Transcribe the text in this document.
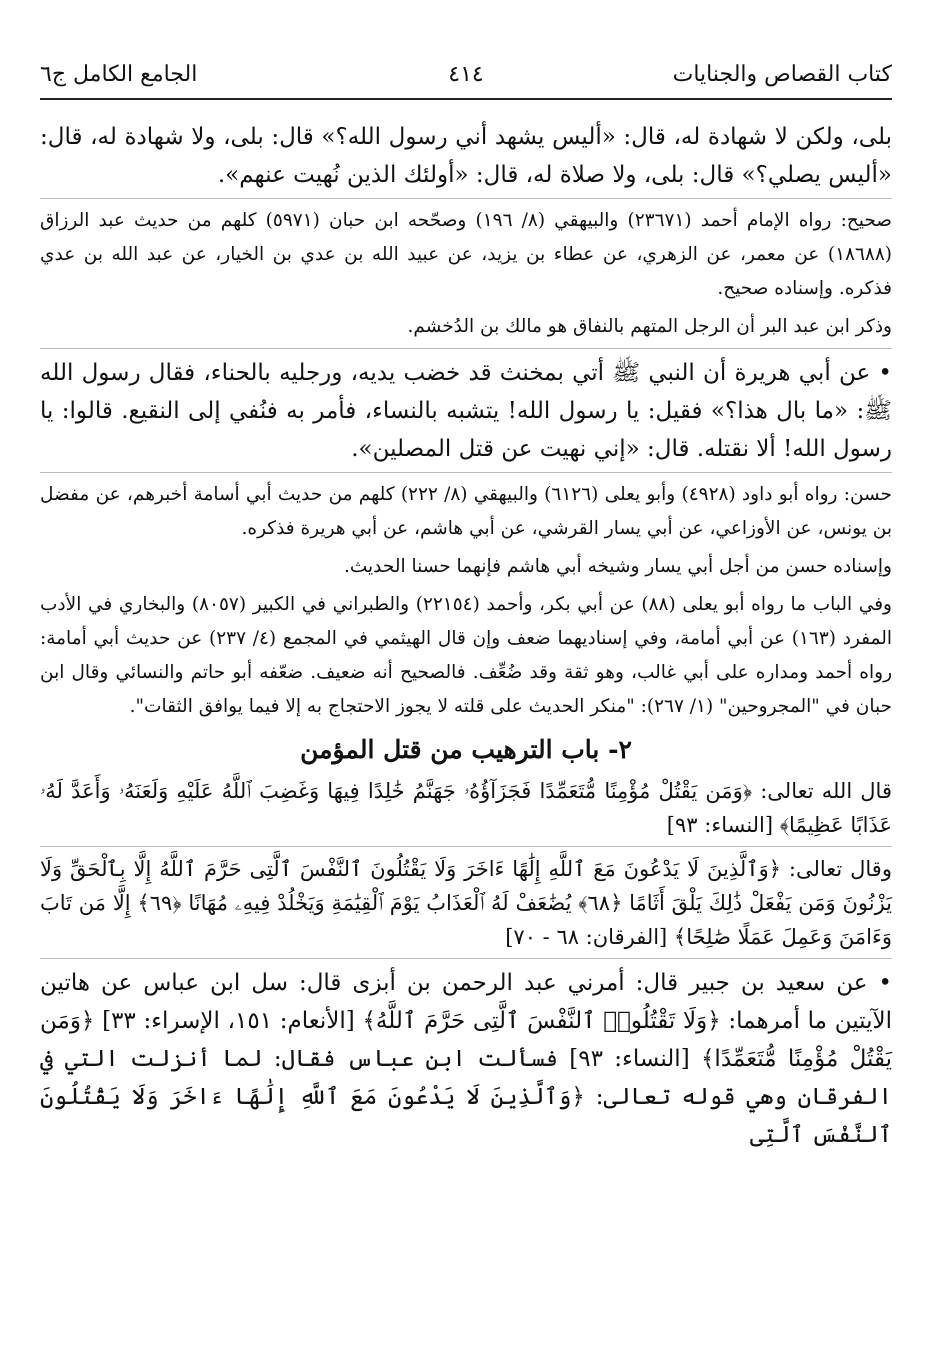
كتاب القصاص والجنايات
٤١٤
الجامع الكامل ج٦

بلى، ولكن لا شهادة له، قال: «أليس يشهد أني رسول الله؟» قال: بلى، ولا شهادة له، قال: «أليس يصلي؟» قال: بلى، ولا صلاة له، قال: «أولئك الذين نُهيت عنهم».

صحيح: رواه الإمام أحمد (٢٣٦٧١) والبيهقي (٨/ ١٩٦) وصحّحه ابن حبان (٥٩٧١) كلهم من حديث عبد الرزاق (١٨٦٨٨) عن معمر، عن الزهري، عن عطاء بن يزيد، عن عبيد الله بن عدي بن الخيار، عن عبد الله بن عدي فذكره. وإسناده صحيح.

وذكر ابن عبد البر أن الرجل المتهم بالنفاق هو مالك بن الدُخشم.

• عن أبي هريرة أن النبي ﷺ أتي بمخنث قد خضب يديه، ورجليه بالحناء، فقال رسول الله ﷺ: «ما بال هذا؟» فقيل: يا رسول الله! يتشبه بالنساء، فأمر به فنُفي إلى النقيع. قالوا: يا رسول الله! ألا نقتله. قال: «إني نهيت عن قتل المصلين».

حسن: رواه أبو داود (٤٩٢٨) وأبو يعلى (٦١٢٦) والبيهقي (٨/ ٢٢٢) كلهم من حديث أبي أسامة أخبرهم، عن مفضل بن يونس، عن الأوزاعي، عن أبي يسار القرشي، عن أبي هاشم، عن أبي هريرة فذكره.

وإسناده حسن من أجل أبي يسار وشيخه أبي هاشم فإنهما حسنا الحديث.

وفي الباب ما رواه أبو يعلى (٨٨) عن أبي بكر، وأحمد (٢٢١٥٤) والطبراني في الكبير (٨٠٥٧) والبخاري في الأدب المفرد (١٦٣) عن أبي أمامة، وفي إسناديهما ضعف وإن قال الهيثمي في المجمع (٤/ ٢٣٧) عن حديث أبي أمامة: رواه أحمد ومداره على أبي غالب، وهو ثقة وقد ضُعِّف. فالصحيح أنه ضعيف. ضعّفه أبو حاتم والنسائي وقال ابن حبان في "المجروحين" (١/ ٢٦٧): "منكر الحديث على قلته لا يجوز الاحتجاج به إلا فيما يوافق الثقات".

٢- باب الترهيب من قتل المؤمن

قال الله تعالى: ﴿وَمَن يَقْتُلْ مُؤْمِنًا مُّتَعَمِّدًا فَجَزَآؤُهُۥ جَهَنَّمُ خَٰلِدًا فِيهَا وَغَضِبَ ٱللَّهُ عَلَيْهِ وَلَعَنَهُۥ وَأَعَدَّ لَهُۥ عَذَابًا عَظِيمًا﴾ [النساء: ٩٣]

وقال تعالى: ﴿وَٱلَّذِينَ لَا يَدْعُونَ مَعَ ٱللَّهِ إِلَٰهًا ءَاخَرَ وَلَا يَقْتُلُونَ ٱلنَّفْسَ ٱلَّتِى حَرَّمَ ٱللَّهُ إِلَّا بِٱلْحَقِّ وَلَا يَزْنُونَ وَمَن يَفْعَلْ ذَٰلِكَ يَلْقَ أَثَامًا ﴿٦٨﴾ يُضَٰعَفْ لَهُ ٱلْعَذَابُ يَوْمَ ٱلْقِيَٰمَةِ وَيَخْلُدْ فِيهِۦ مُهَانًا ﴿٦٩﴾ إِلَّا مَن تَابَ وَءَامَنَ وَعَمِلَ عَمَلًا صَٰلِحًا﴾ [الفرقان: ٦٨ - ٧٠]

• عن سعيد بن جبير قال: أمرني عبد الرحمن بن أبزى قال: سل ابن عباس عن هاتين الآيتين ما أمرهما: ﴿وَلَا تَقْتُلُوا۟ ٱلنَّفْسَ ٱلَّتِى حَرَّمَ ٱللَّهُ﴾ [الأنعام: ١٥١، الإسراء: ٣٣] ﴿وَمَن يَقْتُلْ مُؤْمِنًا مُّتَعَمِّدًا﴾ [النساء: ٩٣] فسألت ابن عباس فقال: لما أنزلت التي في الفرقان وهي قوله تعالى: ﴿وَٱلَّذِينَ لَا يَدْعُونَ مَعَ ٱللَّهِ إِلَٰهًا ءَاخَرَ وَلَا يَقْتُلُونَ ٱلنَّفْسَ ٱلَّتِى
